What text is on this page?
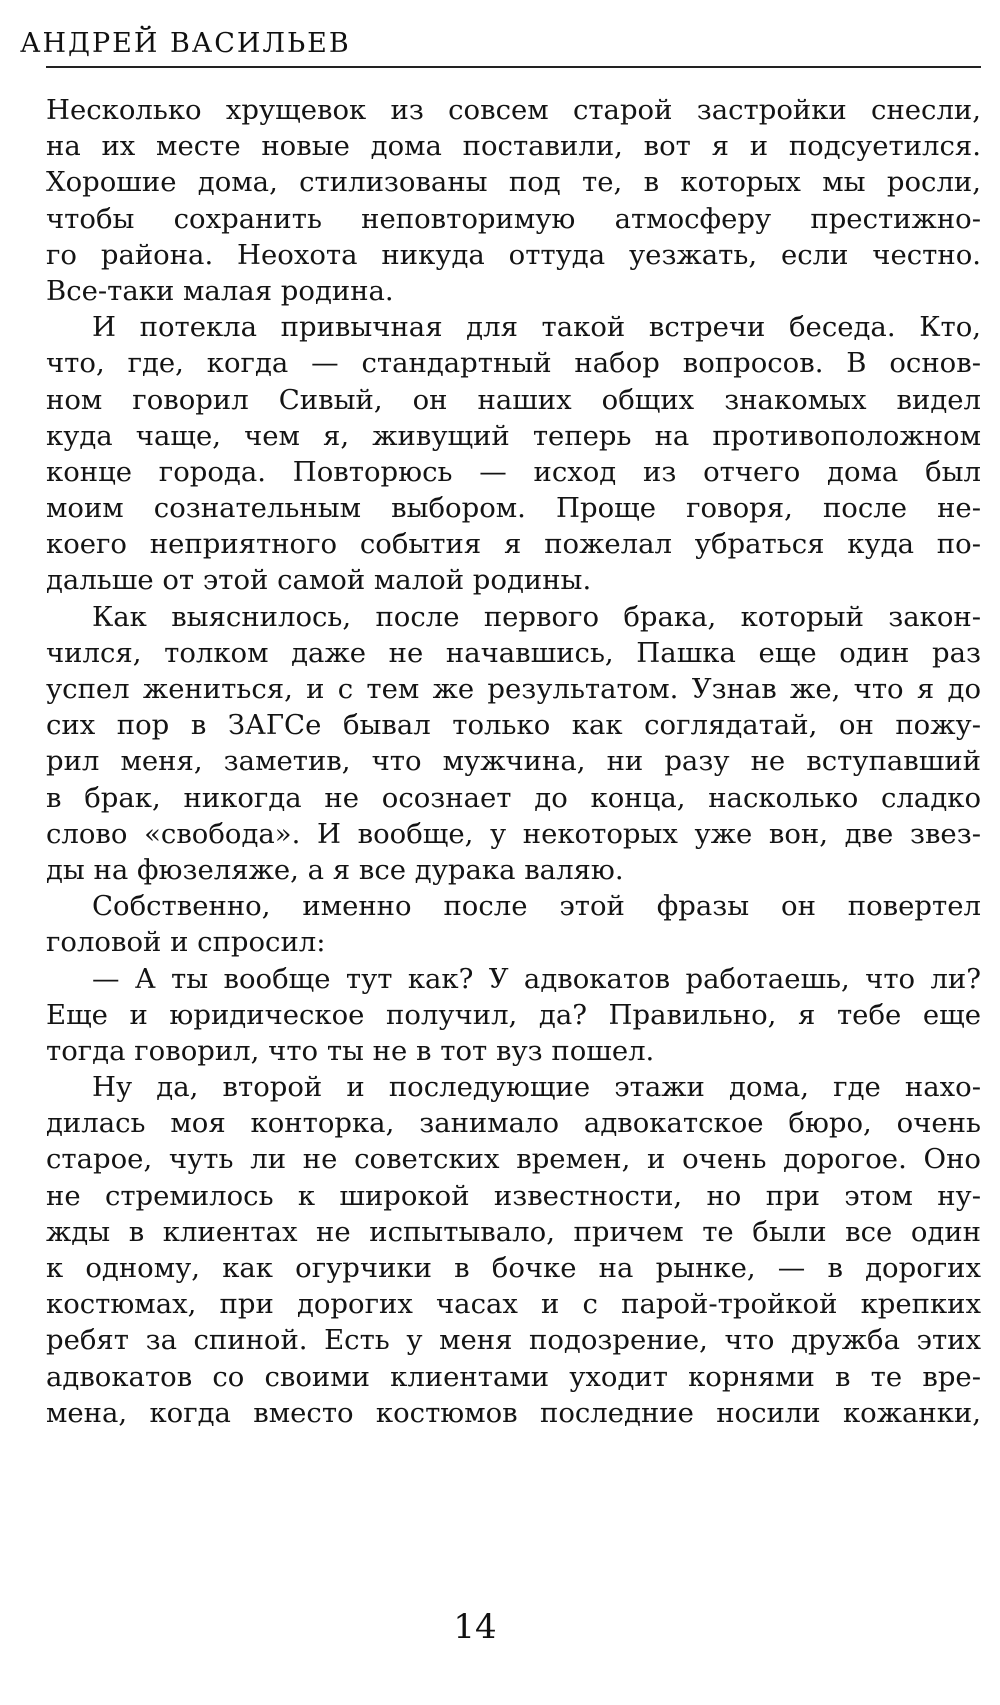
АНДРЕЙ ВАСИЛЬЕВ
Несколько хрущевок из совсем старой застройки снесли,
на их месте новые дома поставили, вот я и подсуетился.
Хорошие дома, стилизованы под те, в которых мы росли,
чтобы сохранить неповторимую атмосферу престижно-
го района. Неохота никуда оттуда уезжать, если честно.
Все-таки малая родина.
И потекла привычная для такой встречи беседа. Кто,
что, где, когда — стандартный набор вопросов. В основ-
ном говорил Сивый, он наших общих знакомых видел
куда чаще, чем я, живущий теперь на противоположном
конце города. Повторюсь — исход из отчего дома был
моим сознательным выбором. Проще говоря, после не-
коего неприятного события я пожелал убраться куда по-
дальше от этой самой малой родины.
Как выяснилось, после первого брака, который закон-
чился, толком даже не начавшись, Пашка еще один раз
успел жениться, и с тем же результатом. Узнав же, что я до
сих пор в ЗАГСе бывал только как соглядатай, он пожу-
рил меня, заметив, что мужчина, ни разу не вступавший
в брак, никогда не осознает до конца, насколько сладко
слово «свобода». И вообще, у некоторых уже вон, две звез-
ды на фюзеляже, а я все дурака валяю.
Собственно, именно после этой фразы он повертел
головой и спросил:
— А ты вообще тут как? У адвокатов работаешь, что ли?
Еще и юридическое получил, да? Правильно, я тебе еще
тогда говорил, что ты не в тот вуз пошел.
Ну да, второй и последующие этажи дома, где нахо-
дилась моя конторка, занимало адвокатское бюро, очень
старое, чуть ли не советских времен, и очень дорогое. Оно
не стремилось к широкой известности, но при этом ну-
жды в клиентах не испытывало, причем те были все один
к одному, как огурчики в бочке на рынке, — в дорогих
костюмах, при дорогих часах и с парой-тройкой крепких
ребят за спиной. Есть у меня подозрение, что дружба этих
адвокатов со своими клиентами уходит корнями в те вре-
мена, когда вместо костюмов последние носили кожанки,
14
